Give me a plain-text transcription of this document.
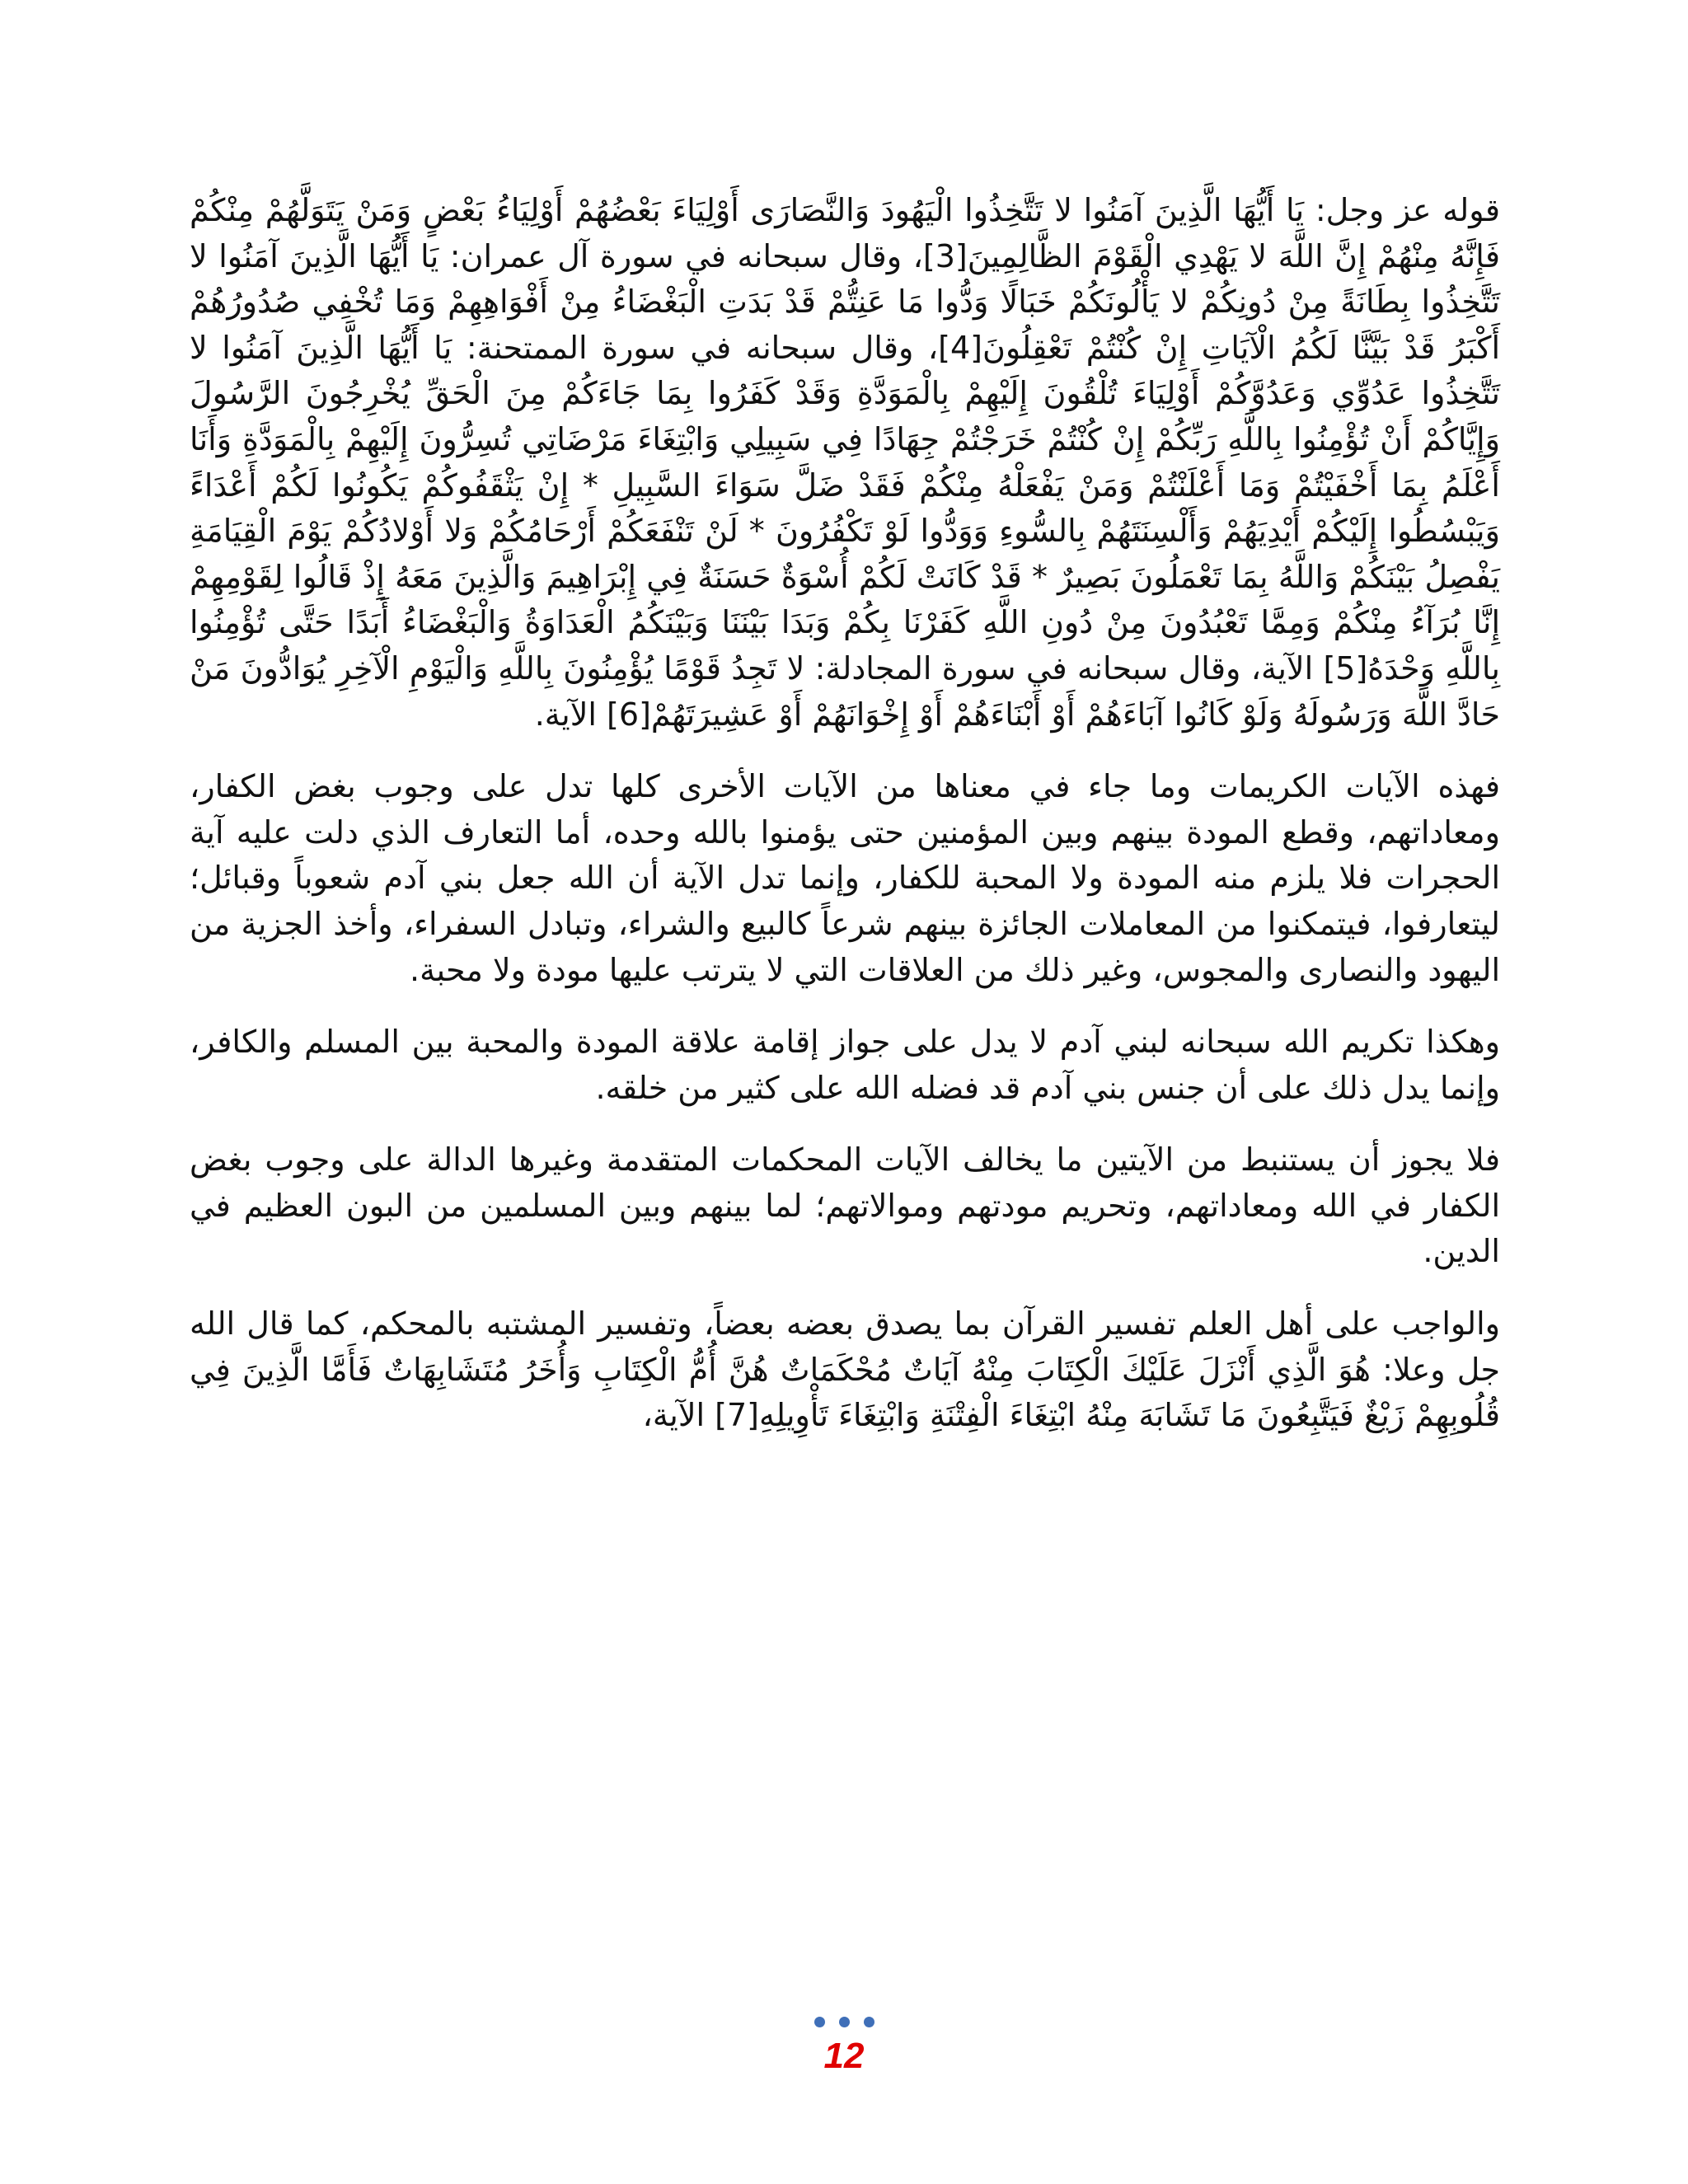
قوله عز وجل: يَا أَيُّهَا الَّذِينَ آمَنُوا لا تَتَّخِذُوا الْيَهُودَ وَالنَّصَارَى أَوْلِيَاءَ بَعْضُهُمْ أَوْلِيَاءُ بَعْضٍ وَمَنْ يَتَوَلَّهُمْ مِنْكُمْ فَإِنَّهُ مِنْهُمْ إِنَّ اللَّهَ لا يَهْدِي الْقَوْمَ الظَّالِمِينَ[3]، وقال سبحانه في سورة آل عمران: يَا أَيُّهَا الَّذِينَ آمَنُوا لا تَتَّخِذُوا بِطَانَةً مِنْ دُونِكُمْ لا يَأْلُونَكُمْ خَبَالًا وَدُّوا مَا عَنِتُّمْ قَدْ بَدَتِ الْبَغْضَاءُ مِنْ أَفْوَاهِهِمْ وَمَا تُخْفِي صُدُورُهُمْ أَكْبَرُ قَدْ بَيَّنَّا لَكُمُ الْآيَاتِ إِنْ كُنْتُمْ تَعْقِلُونَ[4]، وقال سبحانه في سورة الممتحنة: يَا أَيُّهَا الَّذِينَ آمَنُوا لا تَتَّخِذُوا عَدُوِّي وَعَدُوَّكُمْ أَوْلِيَاءَ تُلْقُونَ إِلَيْهِمْ بِالْمَوَدَّةِ وَقَدْ كَفَرُوا بِمَا جَاءَكُمْ مِنَ الْحَقِّ يُخْرِجُونَ الرَّسُولَ وَإِيَّاكُمْ أَنْ تُؤْمِنُوا بِاللَّهِ رَبِّكُمْ إِنْ كُنْتُمْ خَرَجْتُمْ جِهَادًا فِي سَبِيلِي وَابْتِغَاءَ مَرْضَاتِي تُسِرُّونَ إِلَيْهِمْ بِالْمَوَدَّةِ وَأَنَا أَعْلَمُ بِمَا أَخْفَيْتُمْ وَمَا أَعْلَنْتُمْ وَمَنْ يَفْعَلْهُ مِنْكُمْ فَقَدْ ضَلَّ سَوَاءَ السَّبِيلِ * إِنْ يَثْقَفُوكُمْ يَكُونُوا لَكُمْ أَعْدَاءً وَيَبْسُطُوا إِلَيْكُمْ أَيْدِيَهُمْ وَأَلْسِنَتَهُمْ بِالسُّوءِ وَوَدُّوا لَوْ تَكْفُرُونَ * لَنْ تَنْفَعَكُمْ أَرْحَامُكُمْ وَلا أَوْلادُكُمْ يَوْمَ الْقِيَامَةِ يَفْصِلُ بَيْنَكُمْ وَاللَّهُ بِمَا تَعْمَلُونَ بَصِيرٌ * قَدْ كَانَتْ لَكُمْ أُسْوَةٌ حَسَنَةٌ فِي إِبْرَاهِيمَ وَالَّذِينَ مَعَهُ إِذْ قَالُوا لِقَوْمِهِمْ إِنَّا بُرَآءُ مِنْكُمْ وَمِمَّا تَعْبُدُونَ مِنْ دُونِ اللَّهِ كَفَرْنَا بِكُمْ وَبَدَا بَيْنَنَا وَبَيْنَكُمُ الْعَدَاوَةُ وَالْبَغْضَاءُ أَبَدًا حَتَّى تُؤْمِنُوا بِاللَّهِ وَحْدَهُ[5] الآية، وقال سبحانه في سورة المجادلة: لا تَجِدُ قَوْمًا يُؤْمِنُونَ بِاللَّهِ وَالْيَوْمِ الْآخِرِ يُوَادُّونَ مَنْ حَادَّ اللَّهَ وَرَسُولَهُ وَلَوْ كَانُوا آبَاءَهُمْ أَوْ أَبْنَاءَهُمْ أَوْ إِخْوَانَهُمْ أَوْ عَشِيرَتَهُمْ[6] الآية.

فهذه الآيات الكريمات وما جاء في معناها من الآيات الأخرى كلها تدل على وجوب بغض الكفار، ومعاداتهم، وقطع المودة بينهم وبين المؤمنين حتى يؤمنوا بالله وحده، أما التعارف الذي دلت عليه آية الحجرات فلا يلزم منه المودة ولا المحبة للكفار، وإنما تدل الآية أن الله جعل بني آدم شعوباً وقبائل؛ ليتعارفوا، فيتمكنوا من المعاملات الجائزة بينهم شرعاً كالبيع والشراء، وتبادل السفراء، وأخذ الجزية من اليهود والنصارى والمجوس، وغير ذلك من العلاقات التي لا يترتب عليها مودة ولا محبة.

وهكذا تكريم الله سبحانه لبني آدم لا يدل على جواز إقامة علاقة المودة والمحبة بين المسلم والكافر، وإنما يدل ذلك على أن جنس بني آدم قد فضله الله على كثير من خلقه.

فلا يجوز أن يستنبط من الآيتين ما يخالف الآيات المحكمات المتقدمة وغيرها الدالة على وجوب بغض الكفار في الله ومعاداتهم، وتحريم مودتهم وموالاتهم؛ لما بينهم وبين المسلمين من البون العظيم في الدين.

والواجب على أهل العلم تفسير القرآن بما يصدق بعضه بعضاً، وتفسير المشتبه بالمحكم، كما قال الله جل وعلا: هُوَ الَّذِي أَنْزَلَ عَلَيْكَ الْكِتَابَ مِنْهُ آيَاتٌ مُحْكَمَاتٌ هُنَّ أُمُّ الْكِتَابِ وَأُخَرُ مُتَشَابِهَاتٌ فَأَمَّا الَّذِينَ فِي قُلُوبِهِمْ زَيْغٌ فَيَتَّبِعُونَ مَا تَشَابَهَ مِنْهُ ابْتِغَاءَ الْفِتْنَةِ وَابْتِغَاءَ تَأْوِيلِهِ[7] الآية،

12
